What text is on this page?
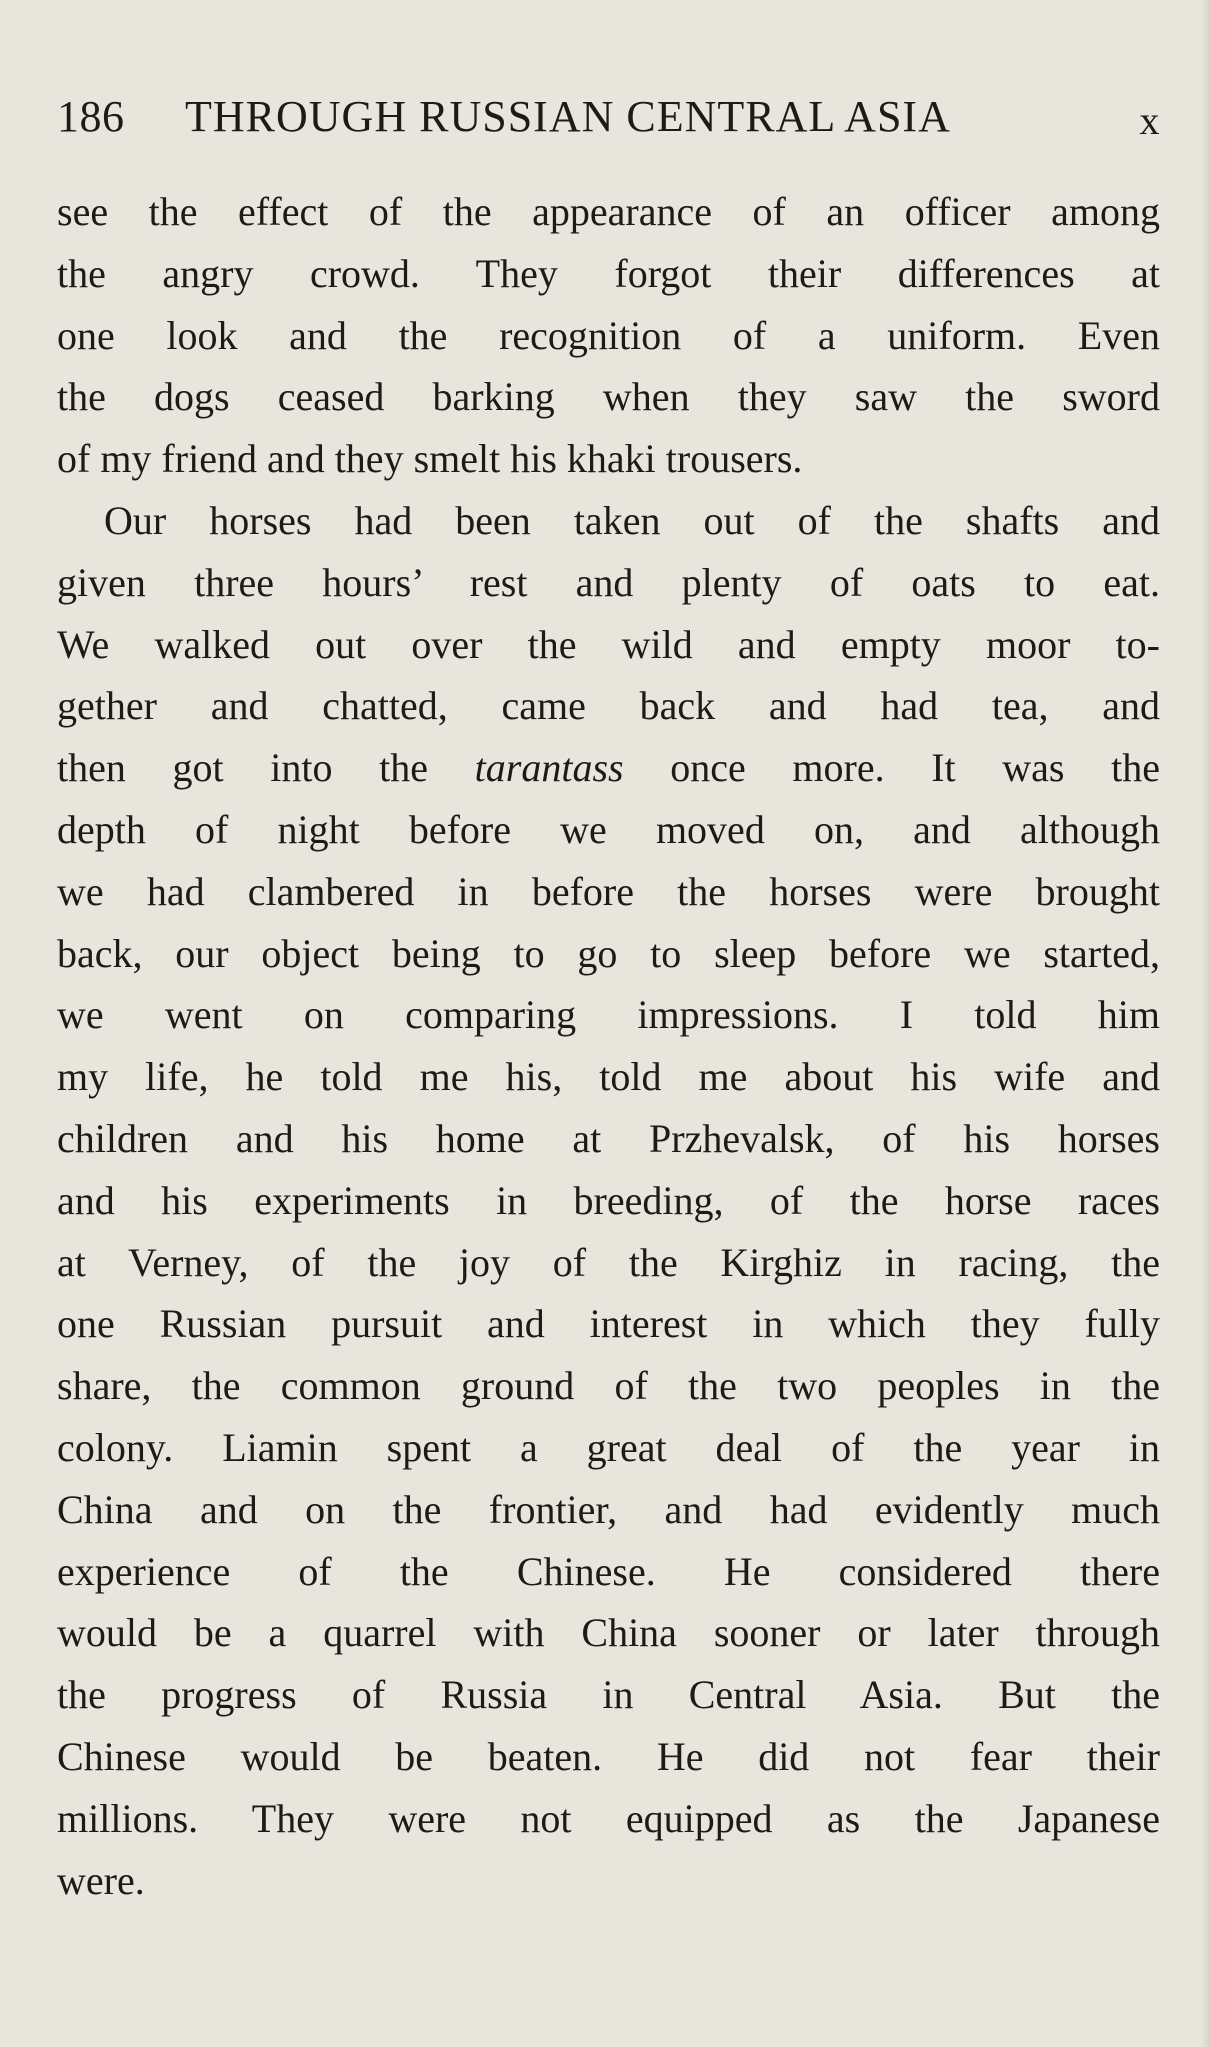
186 THROUGH RUSSIAN CENTRAL ASIA	x
see the effect of the appearance of an officer among
the angry crowd. They forgot their differences at
one look and the recognition of a uniform. Even
the dogs ceased barking when they saw the sword
of my friend and they smelt his khaki trousers.
Our horses had been taken out of the shafts and
given three hours’ rest and plenty of oats to eat.
We walked out over the wild and empty moor to-
gether and chatted, came back and had tea, and
then got into the tarantass once more. It was the
depth of night before we moved on, and although
we had clambered in before the horses were brought
back, our object being to go to sleep before we started,
we went on comparing impressions. I told him
my life, he told me his, told me about his wife and
children and his home at Przhevalsk, of his horses
and his experiments in breeding, of the horse races
at Verney, of the joy of the Kirghiz in racing, the
one Russian pursuit and interest in which they fully
share, the common ground of the two peoples in the
colony. Liamin spent a great deal of the year in
China and on the frontier, and had evidently much
experience of the Chinese. He considered there
would be a quarrel with China sooner or later through
the progress of Russia in Central Asia. But the
Chinese would be beaten. He did not fear their
millions. They were not equipped as the Japanese
were.
